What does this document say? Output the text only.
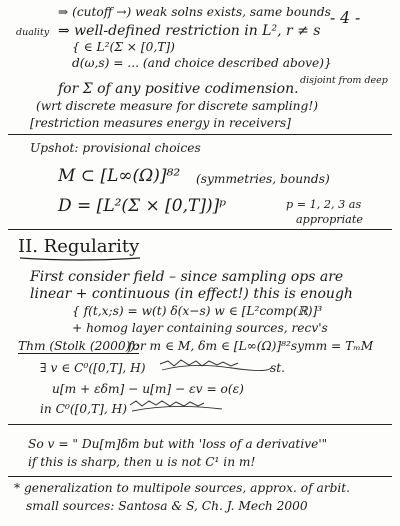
⇒ (cutoff →) weak solns exists, same bounds - 4 -
duality ⇒ well-defined restriction in L², r ≠ s
{ ∈ L²(Σ × [0,T])
d(ω,s) = ... (and choice described above)}
disjoint from deep
for Σ of any positive codimension.
(wrt discrete measure for discrete sampling!)
[restriction measures energy in receivers]
Upshot: provisional choices
M ⊂ [L∞(Ω)]⁸² (symmetries, bounds)
D = [L²(Σ × [0,T])]ᵖ	p = 1, 2, 3 as
appropriate
II. Regularity
First consider field – since sampling ops are
linear + continuous (in effect!) this is enough
{ f(t,x;s) = w(t) δ(x−s) w ∈ [L²comp(ℝ)]³
+ homog layer containing sources, recv's
Thm (Stolk (2000)):
for m ∈ M, δm ∈ [L∞(Ω)]⁸²symm = TₘM
∃ v ∈ C⁰([0,T], H)	st.
u[m + εδm] − u[m] − εv = o(ε)
in C⁰([0,T], H)
So v = " Du[m]δm but with 'loss of a derivative'"
if this is sharp, then u is not C¹ in m!
* generalization to multipole sources, approx. of arbit.
small sources: Santosa & S, Ch. J. Mech 2000
